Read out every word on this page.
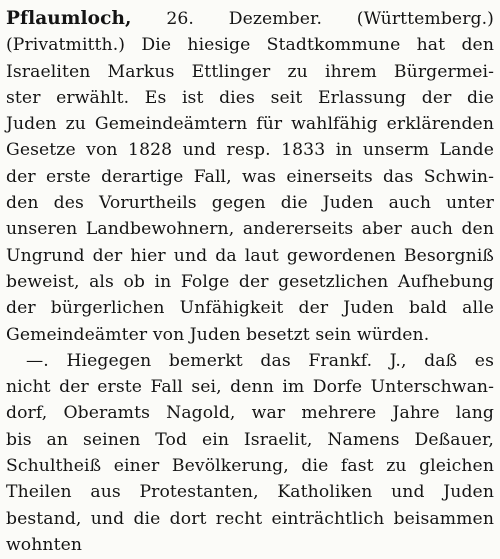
Pflaumloch, 26. Dezember. (Württemberg.)
(Privatmitth.) Die hiesige Stadtkommune hat den
Israeliten Markus Ettlinger zu ihrem Bürgermei-
ster erwählt. Es ist dies seit Erlassung der die
Juden zu Gemeindeämtern für wahlfähig erklärenden
Gesetze von 1828 und resp. 1833 in unserm Lande
der erste derartige Fall, was einerseits das Schwin-
den des Vorurtheils gegen die Juden auch unter
unseren Landbewohnern, andererseits aber auch den
Ungrund der hier und da laut gewordenen Besorgniß
beweist, als ob in Folge der gesetzlichen Aufhebung
der bürgerlichen Unfähigkeit der Juden bald alle
Gemeindeämter von Juden besetzt sein würden.
—. Hiegegen bemerkt das Frankf. J., daß es
nicht der erste Fall sei, denn im Dorfe Unterschwan-
dorf, Oberamts Nagold, war mehrere Jahre lang
bis an seinen Tod ein Israelit, Namens Deßauer,
Schultheiß einer Bevölkerung, die fast zu gleichen
Theilen aus Protestanten, Katholiken und Juden
bestand, und die dort recht einträchtlich beisammen
wohnten
